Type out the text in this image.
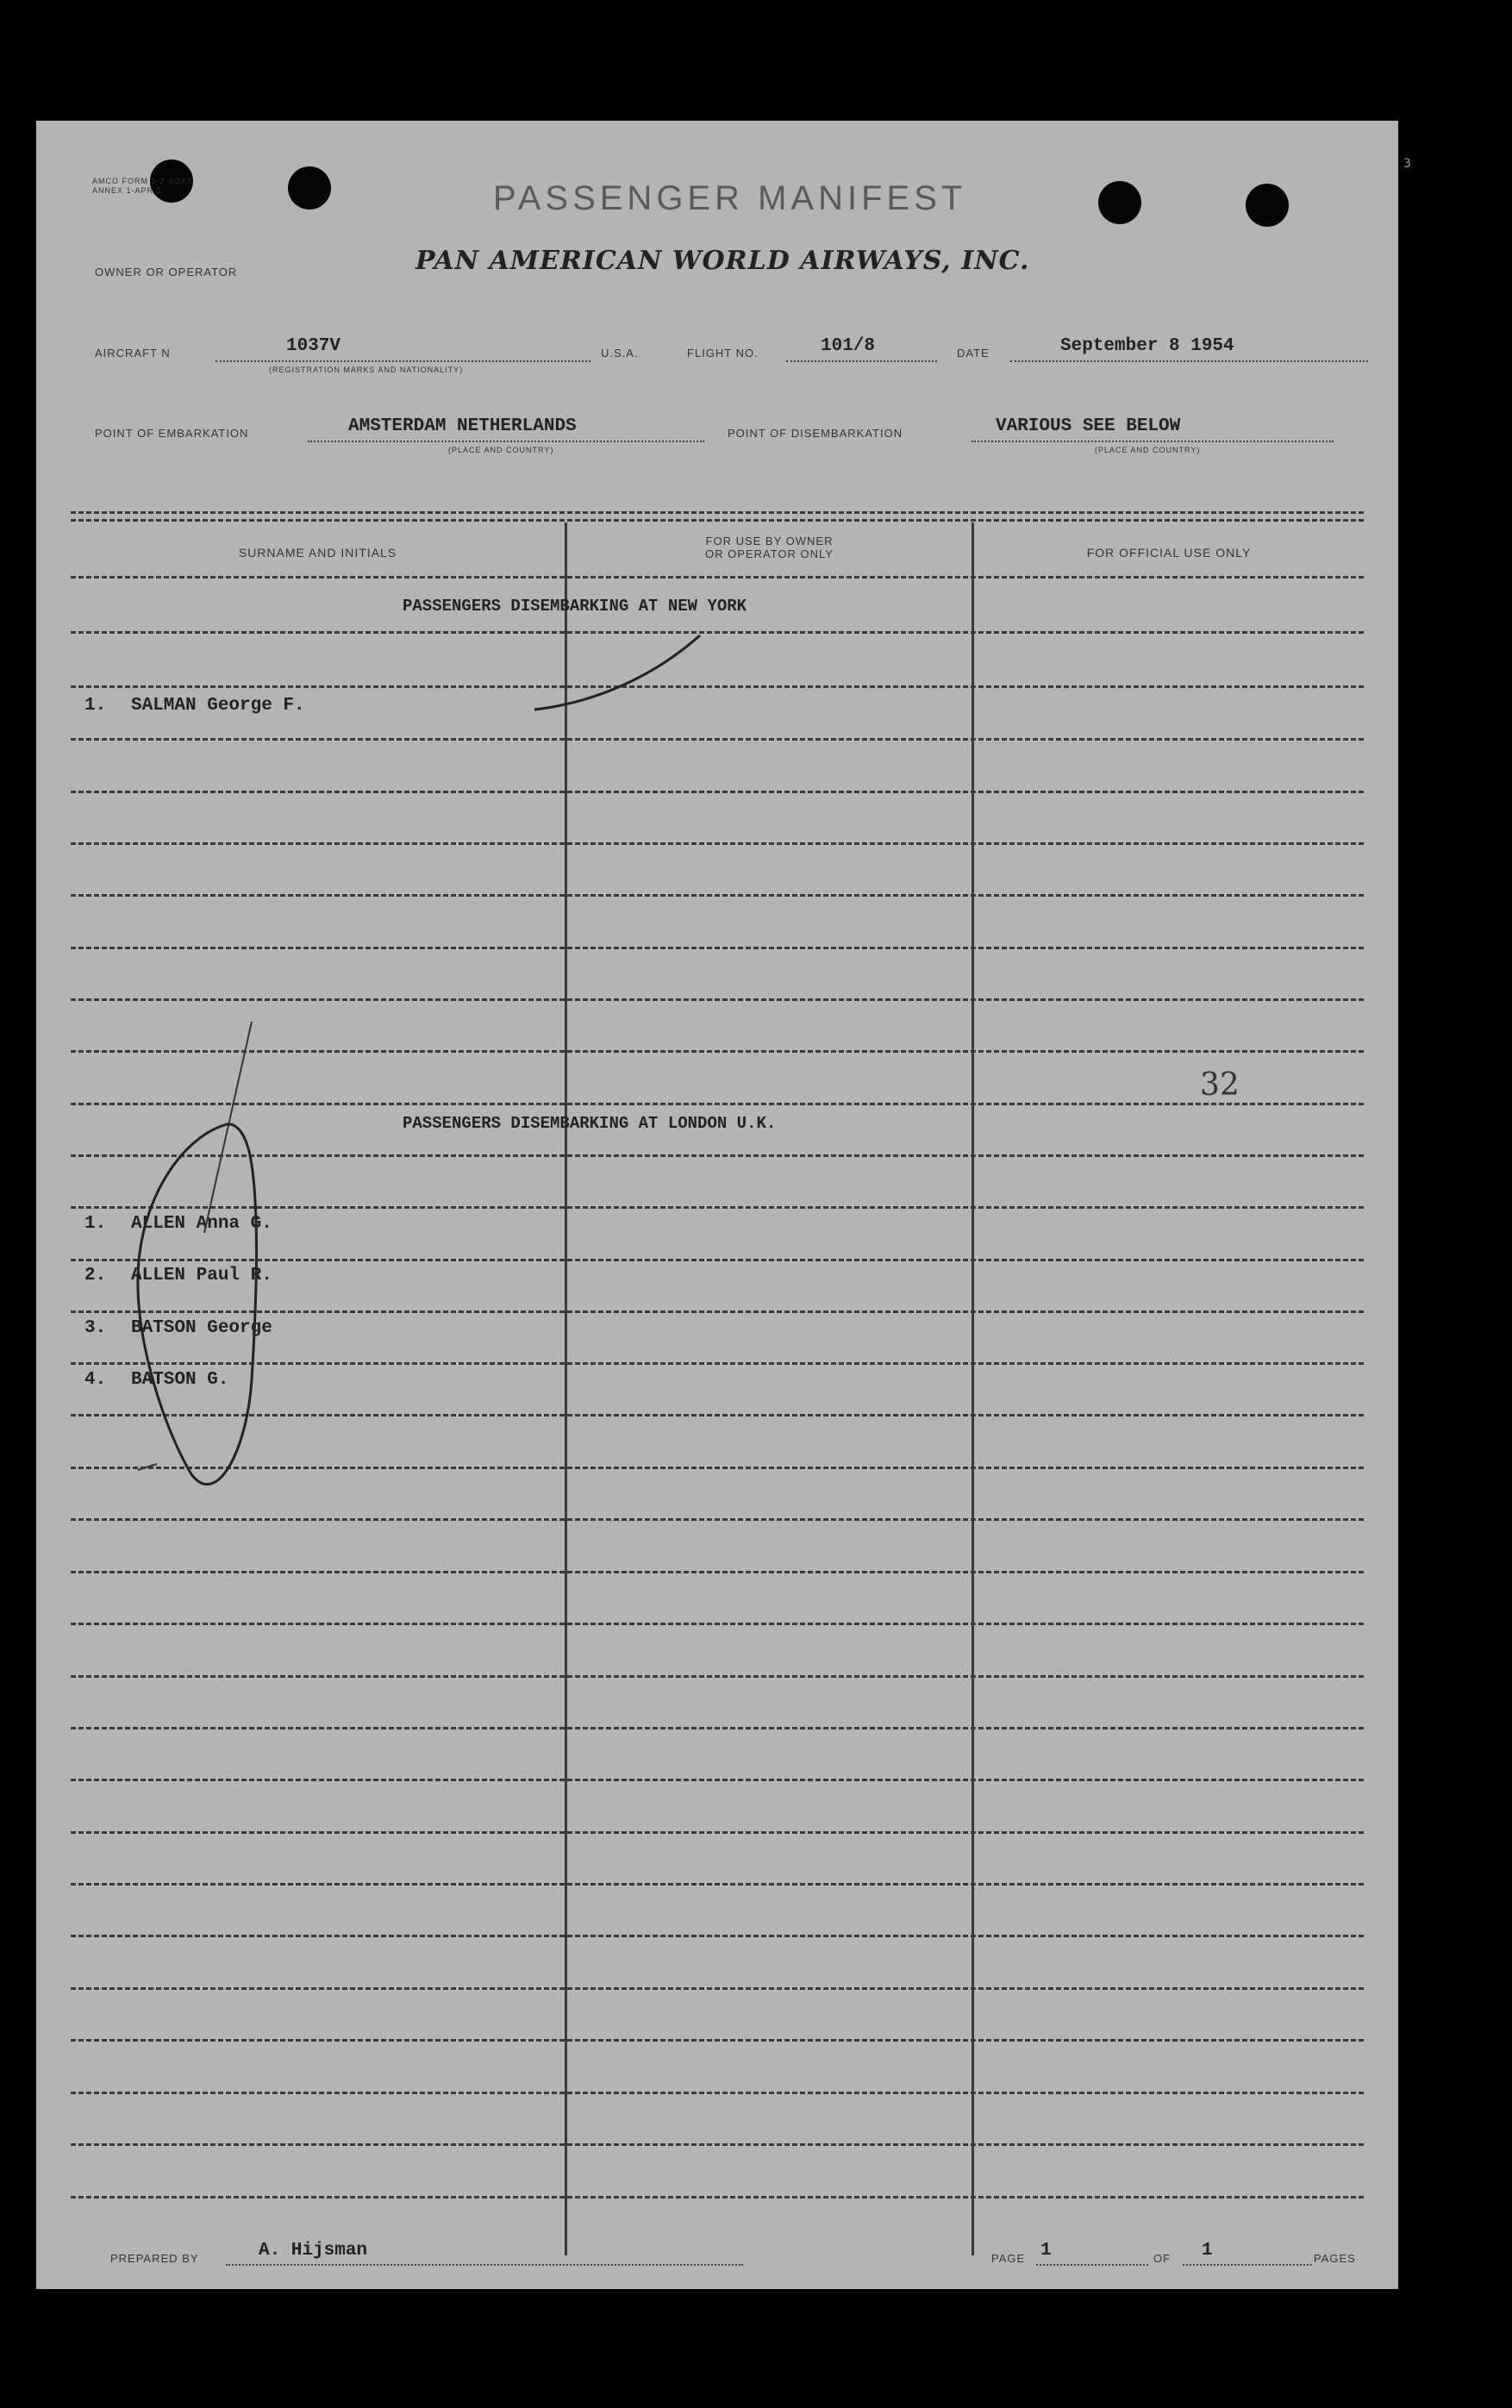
AMCO FORM 1-2 SOXS ANNEX 1-APR 2	PASSENGER MANIFEST
OWNER OR OPERATOR	PAN AMERICAN WORLD AIRWAYS, INC.
AIRCRAFT N	1037V
(REGISTRATION MARKS AND NATIONALITY)
U.S.A.	FLIGHT NO.	101/8	DATE	September 8 1954
POINT OF EMBARKATION	AMSTERDAM NETHERLANDS
(PLACE AND COUNTRY)
POINT OF DISEMBARKATION	VARIOUS SEE BELOW
(PLACE AND COUNTRY)
SURNAME AND INITIALS
FOR USE BY OWNER
OR OPERATOR ONLY	FOR OFFICIAL USE ONLY
PASSENGERS DISEMBARKING AT NEW YORK
1. SALMAN George F.
32
PASSENGERS DISEMBARKING AT LONDON U.K.
1. ALLEN Anna G.
2. ALLEN Paul R.
3. BATSON George
4. BATSON G.
PREPARED BY	A. Hijsman	PAGE 1	OF 1	PAGES
3
